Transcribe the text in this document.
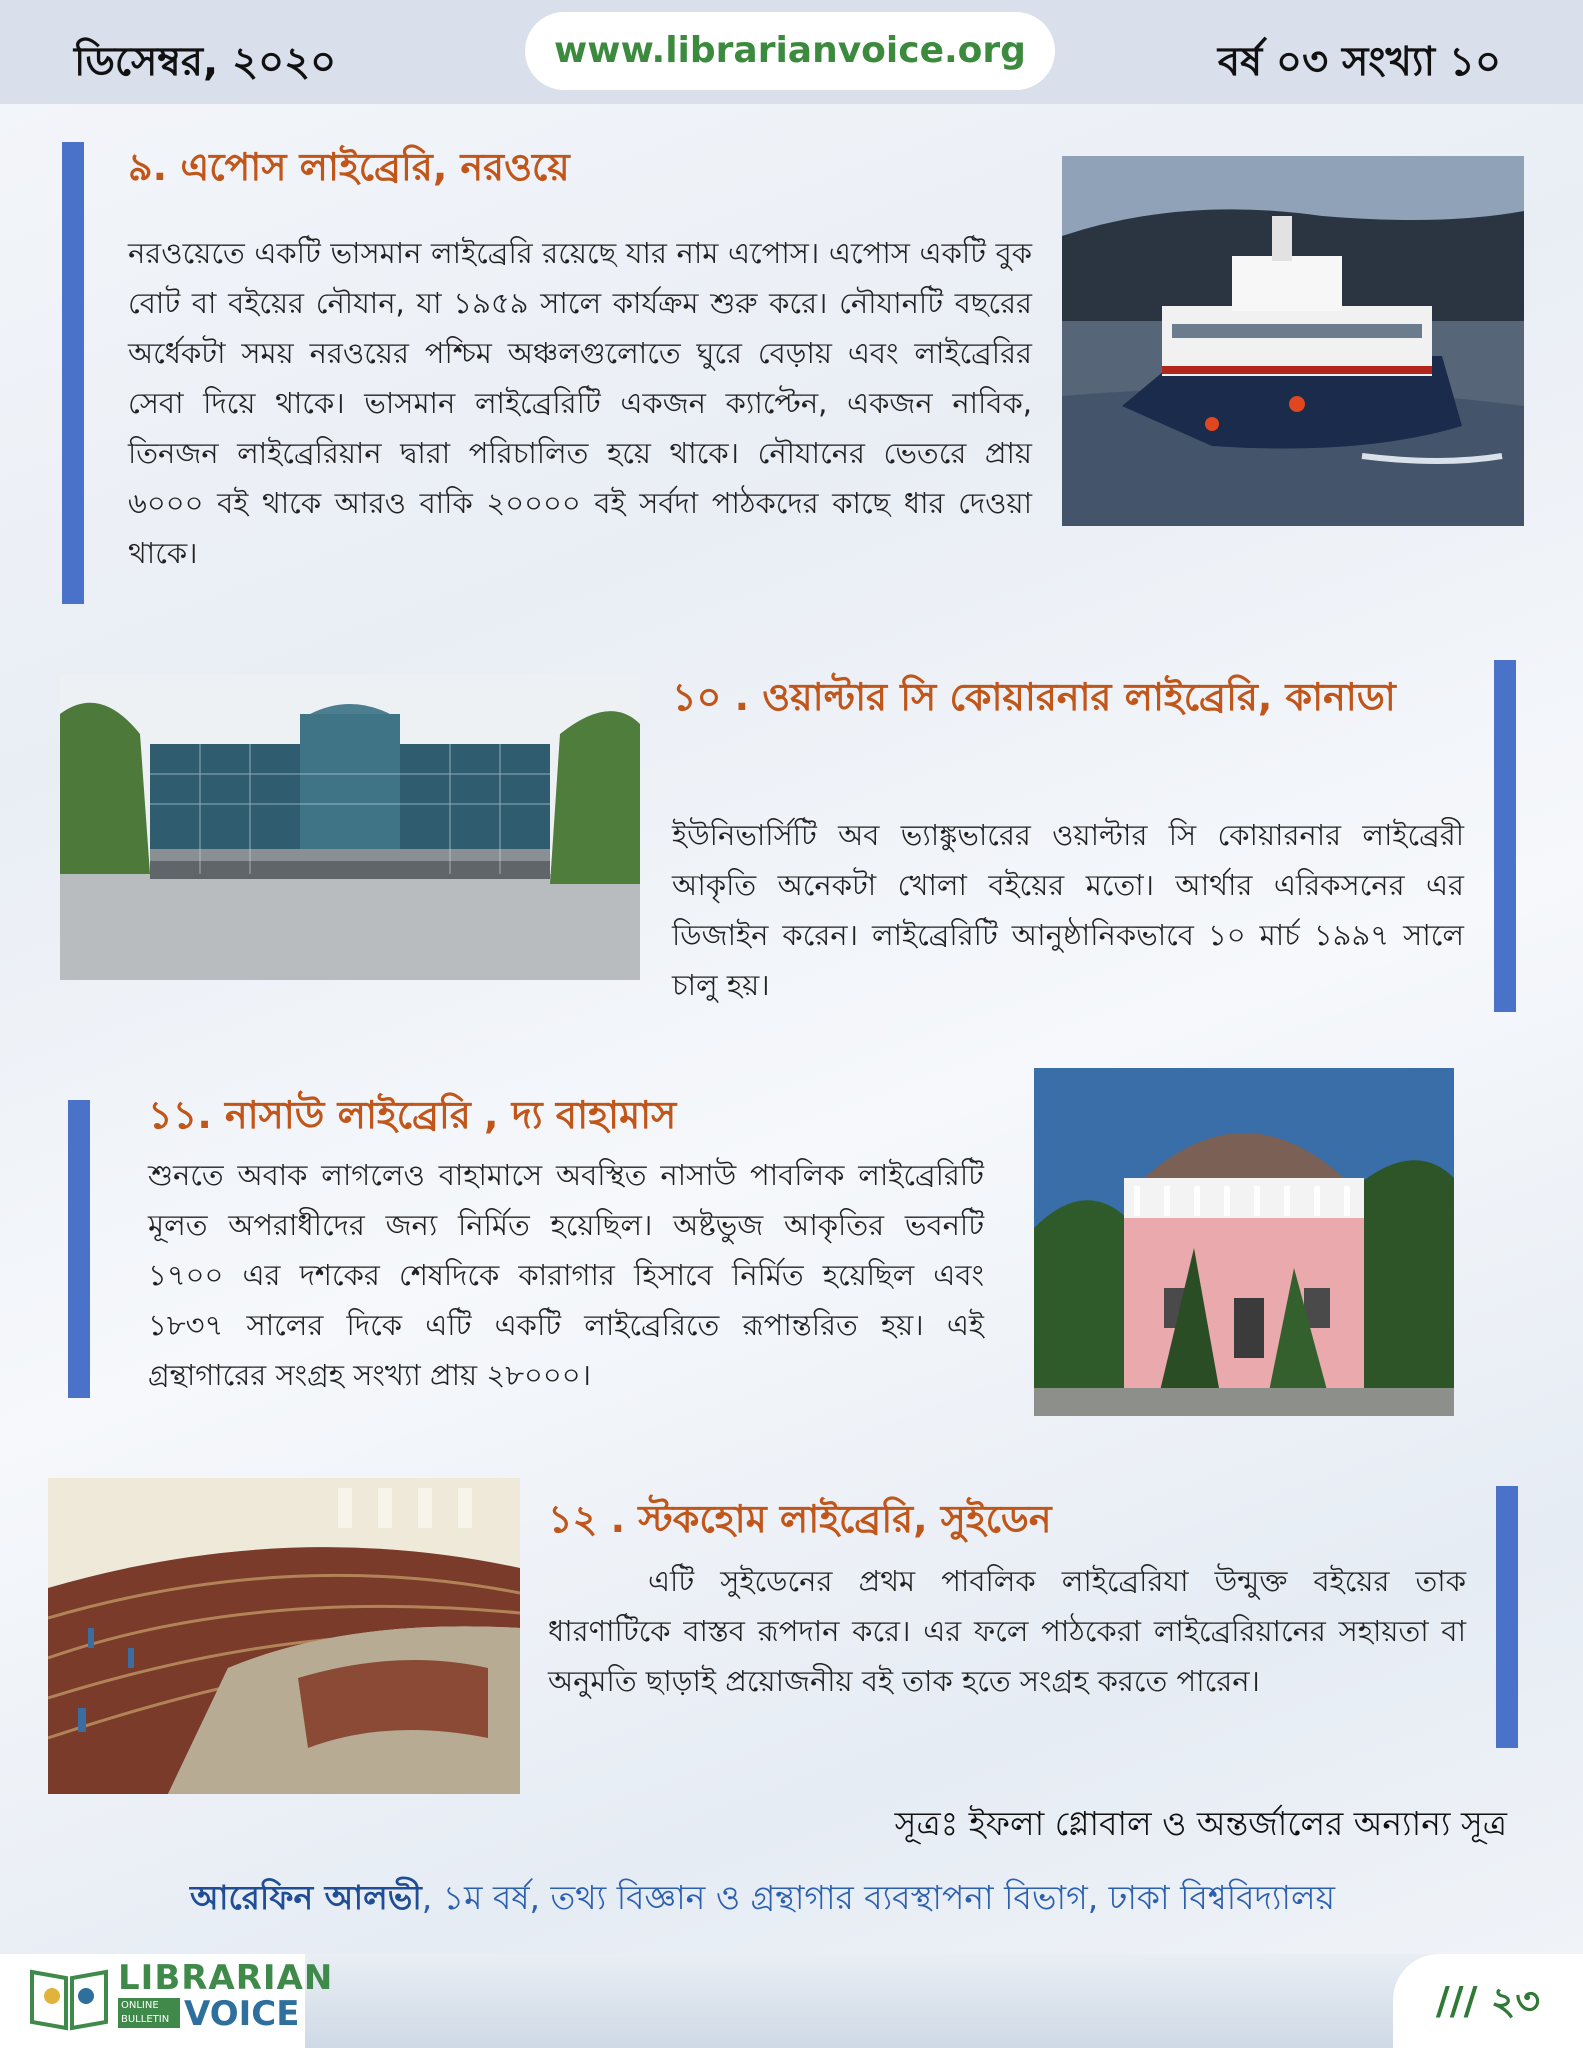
ডিসেম্বর, ২০২০	www.librarianvoice.org	বর্ষ ০৩ সংখ্যা ১০
৯. এপোস লাইব্রেরি, নরওয়ে
নরওয়েতে একটি ভাসমান লাইব্রেরি রয়েছে যার নাম এপোস। এপোস একটি বুক বোট বা বইয়ের নৌযান, যা ১৯৫৯ সালে কার্যক্রম শুরু করে। নৌযানটি বছরের অর্ধেকটা সময় নরওয়ের পশ্চিম অঞ্চলগুলোতে ঘুরে বেড়ায় এবং লাইব্রেরির সেবা দিয়ে থাকে। ভাসমান লাইব্রেরিটি একজন ক্যাপ্টেন, একজন নাবিক, তিনজন লাইব্রেরিয়ান দ্বারা পরিচালিত হয়ে থাকে। নৌযানের ভেতরে প্রায় ৬০০০ বই থাকে আরও বাকি ২০০০০ বই সর্বদা পাঠকদের কাছে ধার দেওয়া থাকে।
১০ . ওয়াল্টার সি কোয়ারনার লাইব্রেরি, কানাডা
ইউনিভার্সিটি অব ভ্যাঙ্কুভারের ওয়াল্টার সি কোয়ারনার লাইব্রেরী আকৃতি অনেকটা খোলা বইয়ের মতো। আর্থার এরিকসনের এর ডিজাইন করেন। লাইব্রেরিটি আনুষ্ঠানিকভাবে ১০ মার্চ ১৯৯৭ সালে চালু হয়।
১১. নাসাউ লাইব্রেরি , দ্য বাহামাস
শুনতে অবাক লাগলেও বাহামাসে অবস্থিত নাসাউ পাবলিক লাইব্রেরিটি মূলত অপরাধীদের জন্য নির্মিত হয়েছিল। অষ্টভুজ আকৃতির ভবনটি ১৭০০ এর দশকের শেষদিকে কারাগার হিসাবে নির্মিত হয়েছিল এবং ১৮৩৭ সালের দিকে এটি একটি লাইব্রেরিতে রূপান্তরিত হয়। এই গ্রন্থাগারের সংগ্রহ সংখ্যা প্রায় ২৮০০০।
১২ . স্টকহোম লাইব্রেরি, সুইডেন
এটি সুইডেনের প্রথম পাবলিক লাইব্রেরিযা উন্মুক্ত বইয়ের তাক ধারণাটিকে বাস্তব রূপদান করে। এর ফলে পাঠকেরা লাইব্রেরিয়ানের সহায়তা বা অনুমতি ছাড়াই প্রয়োজনীয় বই তাক হতে সংগ্রহ করতে পারেন।
সূত্রঃ ইফলা গ্লোবাল ও অন্তর্জালের অন্যান্য সূত্র
আরেফিন আলভী, ১ম বর্ষ, তথ্য বিজ্ঞান ও গ্রন্থাগার ব্যবস্থাপনা বিভাগ, ঢাকা বিশ্ববিদ্যালয়
LIBRARIAN
ONLINE BULLETIN VOICE	/// ২৩
